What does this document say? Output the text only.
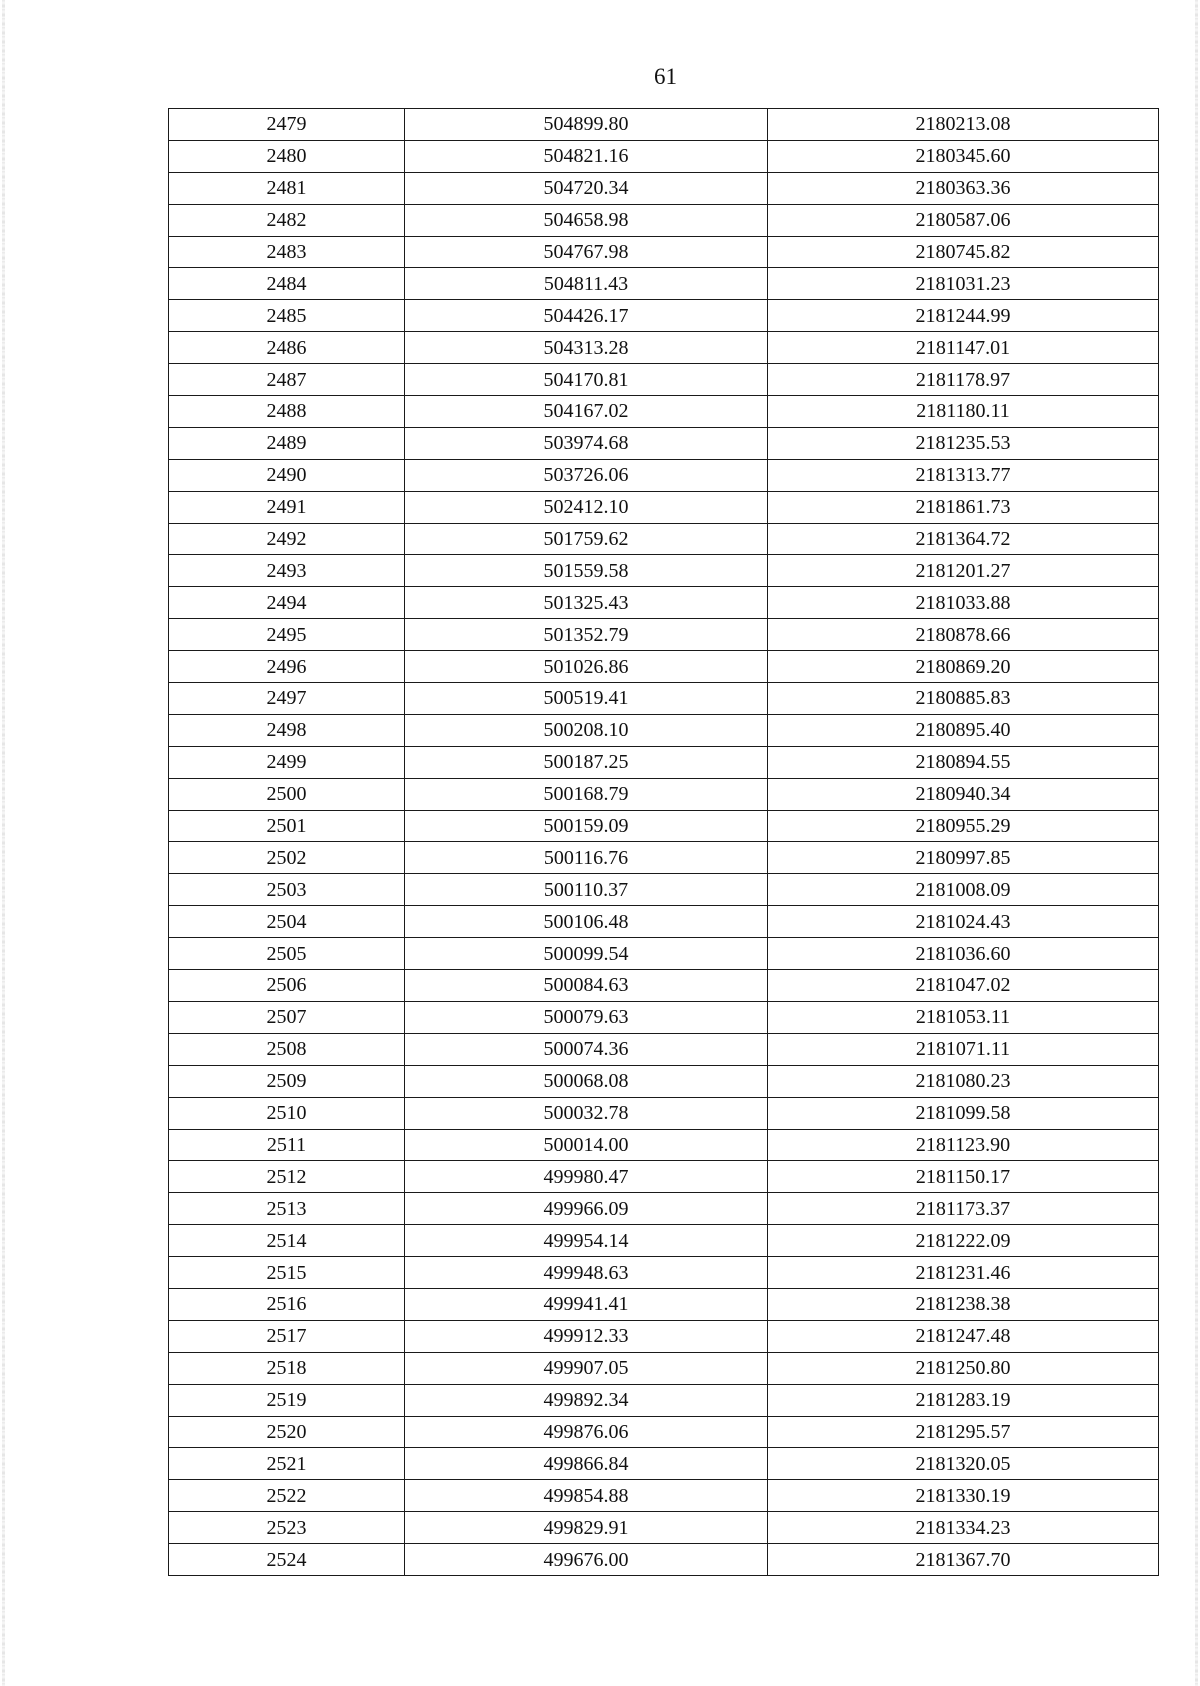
61
2479	504899.80	2180213.08
2480	504821.16	2180345.60
2481	504720.34	2180363.36
2482	504658.98	2180587.06
2483	504767.98	2180745.82
2484	504811.43	2181031.23
2485	504426.17	2181244.99
2486	504313.28	2181147.01
2487	504170.81	2181178.97
2488	504167.02	2181180.11
2489	503974.68	2181235.53
2490	503726.06	2181313.77
2491	502412.10	2181861.73
2492	501759.62	2181364.72
2493	501559.58	2181201.27
2494	501325.43	2181033.88
2495	501352.79	2180878.66
2496	501026.86	2180869.20
2497	500519.41	2180885.83
2498	500208.10	2180895.40
2499	500187.25	2180894.55
2500	500168.79	2180940.34
2501	500159.09	2180955.29
2502	500116.76	2180997.85
2503	500110.37	2181008.09
2504	500106.48	2181024.43
2505	500099.54	2181036.60
2506	500084.63	2181047.02
2507	500079.63	2181053.11
2508	500074.36	2181071.11
2509	500068.08	2181080.23
2510	500032.78	2181099.58
2511	500014.00	2181123.90
2512	499980.47	2181150.17
2513	499966.09	2181173.37
2514	499954.14	2181222.09
2515	499948.63	2181231.46
2516	499941.41	2181238.38
2517	499912.33	2181247.48
2518	499907.05	2181250.80
2519	499892.34	2181283.19
2520	499876.06	2181295.57
2521	499866.84	2181320.05
2522	499854.88	2181330.19
2523	499829.91	2181334.23
2524	499676.00	2181367.70
